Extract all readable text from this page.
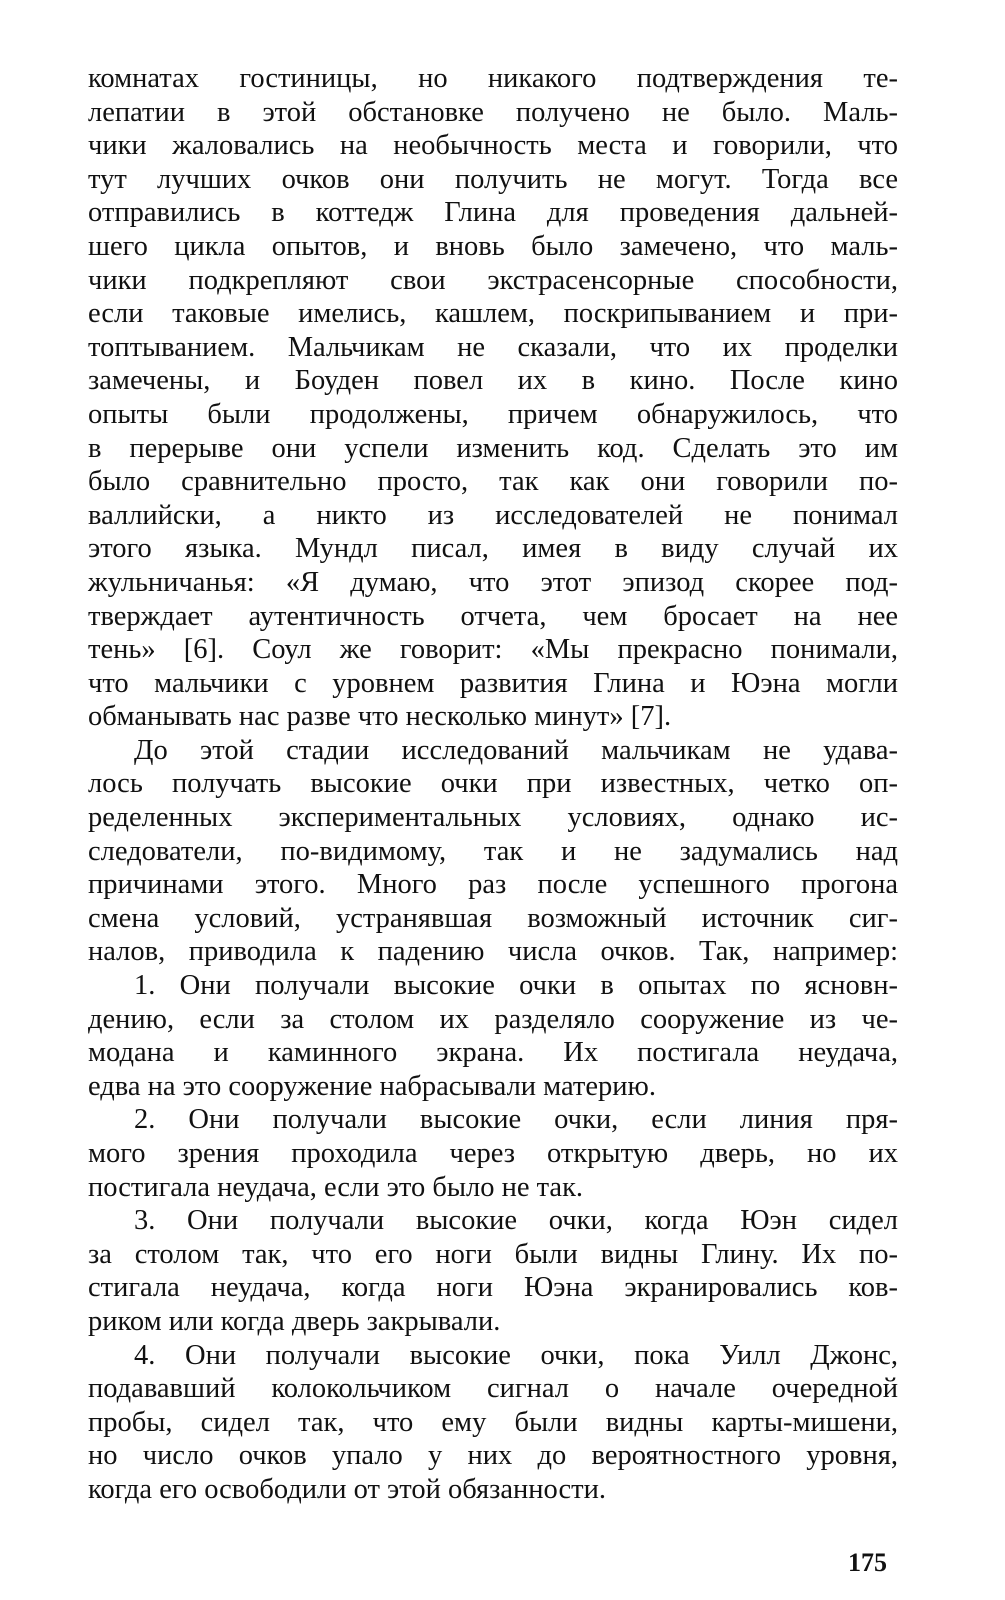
комнатах гостиницы, но никакого подтверждения те-
лепатии в этой обстановке получено не было. Маль-
чики жаловались на необычность места и говорили, что
тут лучших очков они получить не могут. Тогда все
отправились в коттедж Глина для проведения дальней-
шего цикла опытов, и вновь было замечено, что маль-
чики подкрепляют свои экстрасенсорные способности,
если таковые имелись, кашлем, поскрипыванием и при-
топтыванием. Мальчикам не сказали, что их проделки
замечены, и Боуден повел их в кино. После кино
опыты были продолжены, причем обнаружилось, что
в перерыве они успели изменить код. Сделать это им
было сравнительно просто, так как они говорили по-
валлийски, а никто из исследователей не понимал
этого языка. Мундл писал, имея в виду случай их
жульничанья: «Я думаю, что этот эпизод скорее под-
тверждает аутентичность отчета, чем бросает на нее
тень» [6]. Соул же говорит: «Мы прекрасно понимали,
что мальчики с уровнем развития Глина и Юэна могли
обманывать нас разве что несколько минут» [7].
До этой стадии исследований мальчикам не удава-
лось получать высокие очки при известных, четко оп-
ределенных экспериментальных условиях, однако ис-
следователи, по-видимому, так и не задумались над
причинами этого. Много раз после успешного прогона
смена условий, устранявшая возможный источник сиг-
налов, приводила к падению числа очков. Так, например:
1. Они получали высокие очки в опытах по ясновн-
дению, если за столом их разделяло сооружение из че-
модана и каминного экрана. Их постигала неудача,
едва на это сооружение набрасывали материю.
2. Они получали высокие очки, если линия пря-
мого зрения проходила через открытую дверь, но их
постигала неудача, если это было не так.
3. Они получали высокие очки, когда Юэн сидел
за столом так, что его ноги были видны Глину. Их по-
стигала неудача, когда ноги Юэна экранировались ков-
риком или когда дверь закрывали.
4. Они получали высокие очки, пока Уилл Джонс,
подававший колокольчиком сигнал о начале очередной
пробы, сидел так, что ему были видны карты-мишени,
но число очков упало у них до вероятностного уровня,
когда его освободили от этой обязанности.
175
